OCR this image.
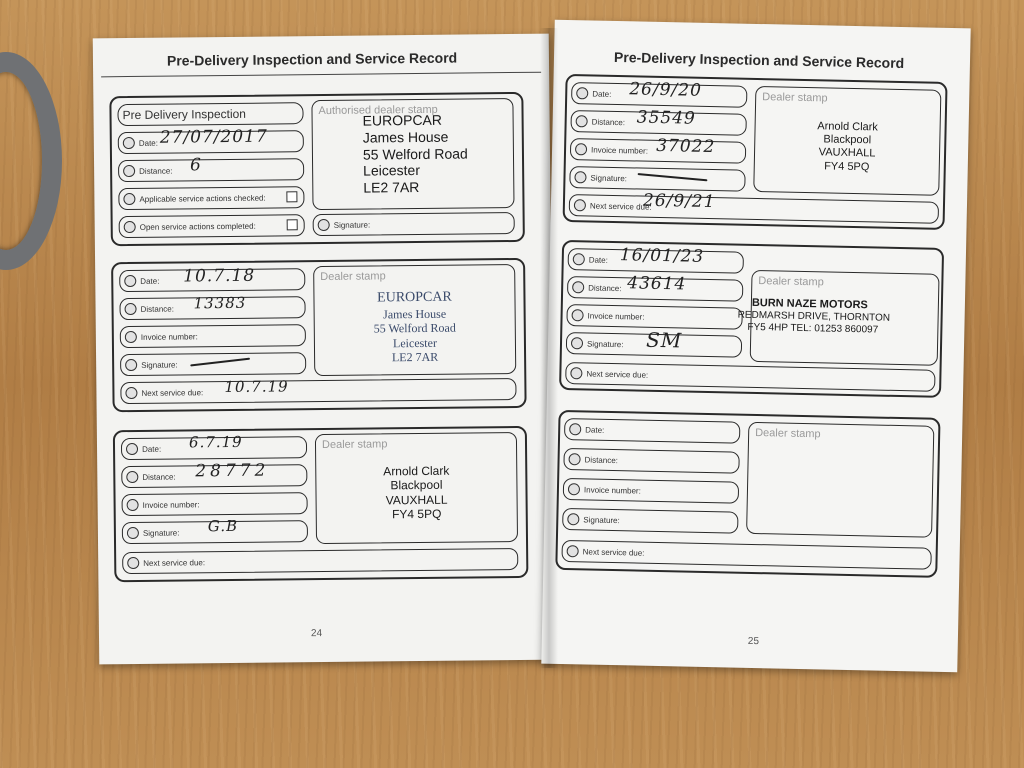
Pre-Delivery Inspection and Service Record
Pre Delivery Inspection
Date: 27/07/2017
Distance: 6
Applicable service actions checked:
Open service actions completed:
Authorised dealer stamp
EUROPCAR
James House
55 Welford Road
Leicester
LE2 7AR
Signature:
Date: 10.7.18
Distance: 13383
Invoice number:
Signature:
Dealer stamp
EUROPCAR
James House
55 Welford Road
Leicester
LE2 7AR
Next service due: 10.7.19
Date: 6.7.19
Distance: 28772
Invoice number:
Signature: G.B
Dealer stamp
Arnold Clark
Blackpool
VAUXHALL
FY4 5PQ
Next service due:
24
Pre-Delivery Inspection and Service Record
Date: 26/9/20
Distance: 35549
Invoice number: 37022
Signature:
Next service due:
26/9/21
Dealer stamp
Arnold Clark
Blackpool
VAUXHALL
FY4 5PQ
Date: 16/01/23
Distance: 43614
Invoice number:
Signature: SM
Next service due:
Dealer stamp
BURN NAZE MOTORS
REDMARSH DRIVE, THORNTON
FY5 4HP TEL: 01253 860097
Date:
Distance:
Invoice number:
Signature:
Next service due:
Dealer stamp
25
